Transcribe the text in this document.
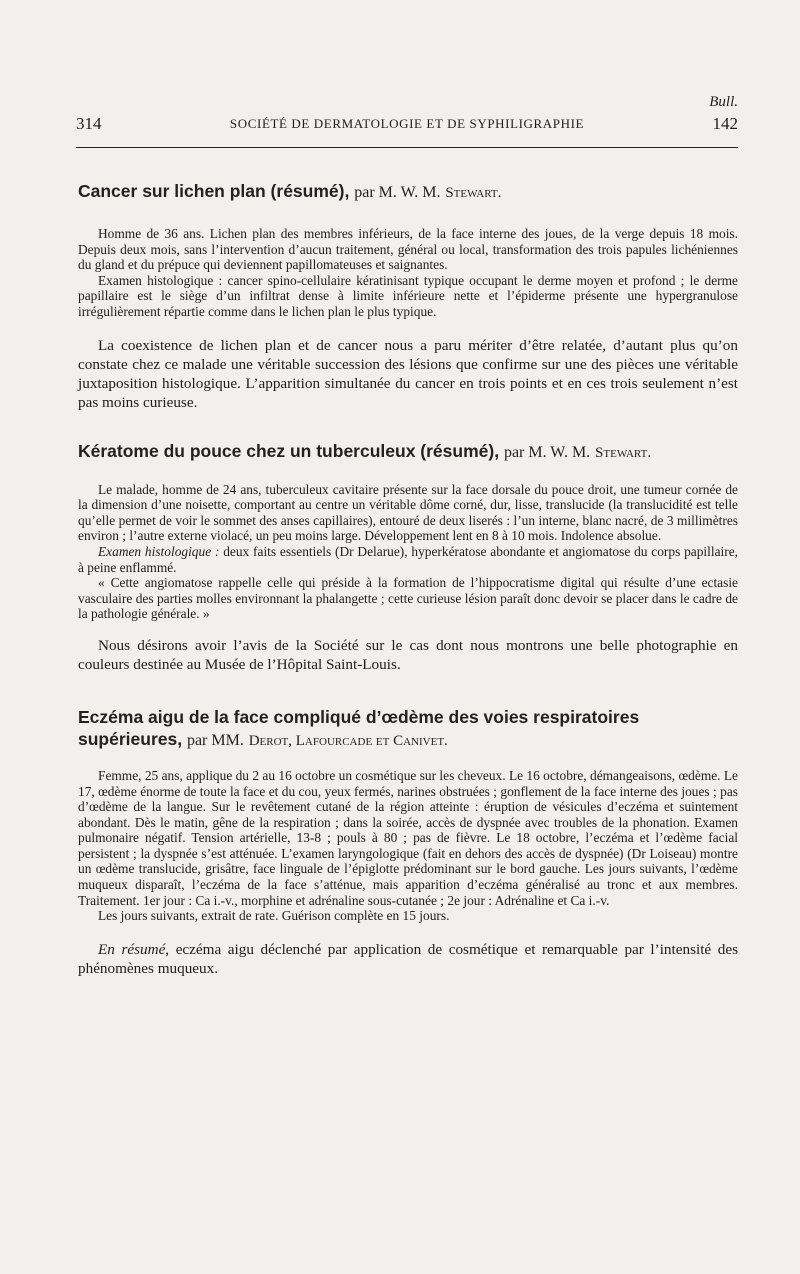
Bull.
314	SOCIÉTÉ DE DERMATOLOGIE ET DE SYPHILIGRAPHIE	142
Cancer sur lichen plan (résumé), par M. W. M. Stewart.

Homme de 36 ans. Lichen plan des membres inférieurs, de la face interne des joues, de la verge depuis 18 mois. Depuis deux mois, sans l’intervention d’aucun traitement, général ou local, transformation des trois papules lichéniennes du gland et du prépuce qui deviennent papillomateuses et saignantes.

Examen histologique : cancer spino-cellulaire kératinisant typique occupant le derme moyen et profond ; le derme papillaire est le siège d’un infiltrat dense à limite inférieure nette et l’épiderme présente une hypergranulose irrégulièrement répartie comme dans le lichen plan le plus typique.

La coexistence de lichen plan et de cancer nous a paru mériter d’être relatée, d’autant plus qu’on constate chez ce malade une véritable succession des lésions que confirme sur une des pièces une véritable juxtaposition histologique. L’apparition simultanée du cancer en trois points et en ces trois seulement n’est pas moins curieuse.

Kératome du pouce chez un tuberculeux (résumé), par M. W. M. Stewart.

Le malade, homme de 24 ans, tuberculeux cavitaire présente sur la face dorsale du pouce droit, une tumeur cornée de la dimension d’une noisette, comportant au centre un véritable dôme corné, dur, lisse, translucide (la translucidité est telle qu’elle permet de voir le sommet des anses capillaires), entouré de deux liserés : l’un interne, blanc nacré, de 3 millimètres environ ; l’autre externe violacé, un peu moins large. Développement lent en 8 à 10 mois. Indolence absolue.

Examen histologique : deux faits essentiels (Dr Delarue), hyperkératose abondante et angiomatose du corps papillaire, à peine enflammé.

« Cette angiomatose rappelle celle qui préside à la formation de l’hippocratisme digital qui résulte d’une ectasie vasculaire des parties molles environnant la phalangette ; cette curieuse lésion paraît donc devoir se placer dans le cadre de la pathologie générale. »

Nous désirons avoir l’avis de la Société sur le cas dont nous montrons une belle photographie en couleurs destinée au Musée de l’Hôpital Saint-Louis.

Eczéma aigu de la face compliqué d’œdème des voies respiratoires supérieures, par MM. Derot, Lafourcade et Canivet.

Femme, 25 ans, applique du 2 au 16 octobre un cosmétique sur les cheveux. Le 16 octobre, démangeaisons, œdème. Le 17, œdème énorme de toute la face et du cou, yeux fermés, narines obstruées ; gonflement de la face interne des joues ; pas d’œdème de la langue. Sur le revêtement cutané de la région atteinte : éruption de vésicules d’eczéma et suintement abondant. Dès le matin, gêne de la respiration ; dans la soirée, accès de dyspnée avec troubles de la phonation. Examen pulmonaire négatif. Tension artérielle, 13-8 ; pouls à 80 ; pas de fièvre. Le 18 octobre, l’eczéma et l’œdème facial persistent ; la dyspnée s’est atténuée. L’examen laryngologique (fait en dehors des accès de dyspnée) (Dr Loiseau) montre un œdème translucide, grisâtre, face linguale de l’épiglotte prédominant sur le bord gauche. Les jours suivants, l’œdème muqueux disparaît, l’eczéma de la face s’atténue, mais apparition d’eczéma généralisé au tronc et aux membres. Traitement. 1er jour : Ca i.-v., morphine et adrénaline sous-cutanée ; 2e jour : Adrénaline et Ca i.-v.

Les jours suivants, extrait de rate. Guérison complète en 15 jours.

En résumé, eczéma aigu déclenché par application de cosmétique et remarquable par l’intensité des phénomènes muqueux.
